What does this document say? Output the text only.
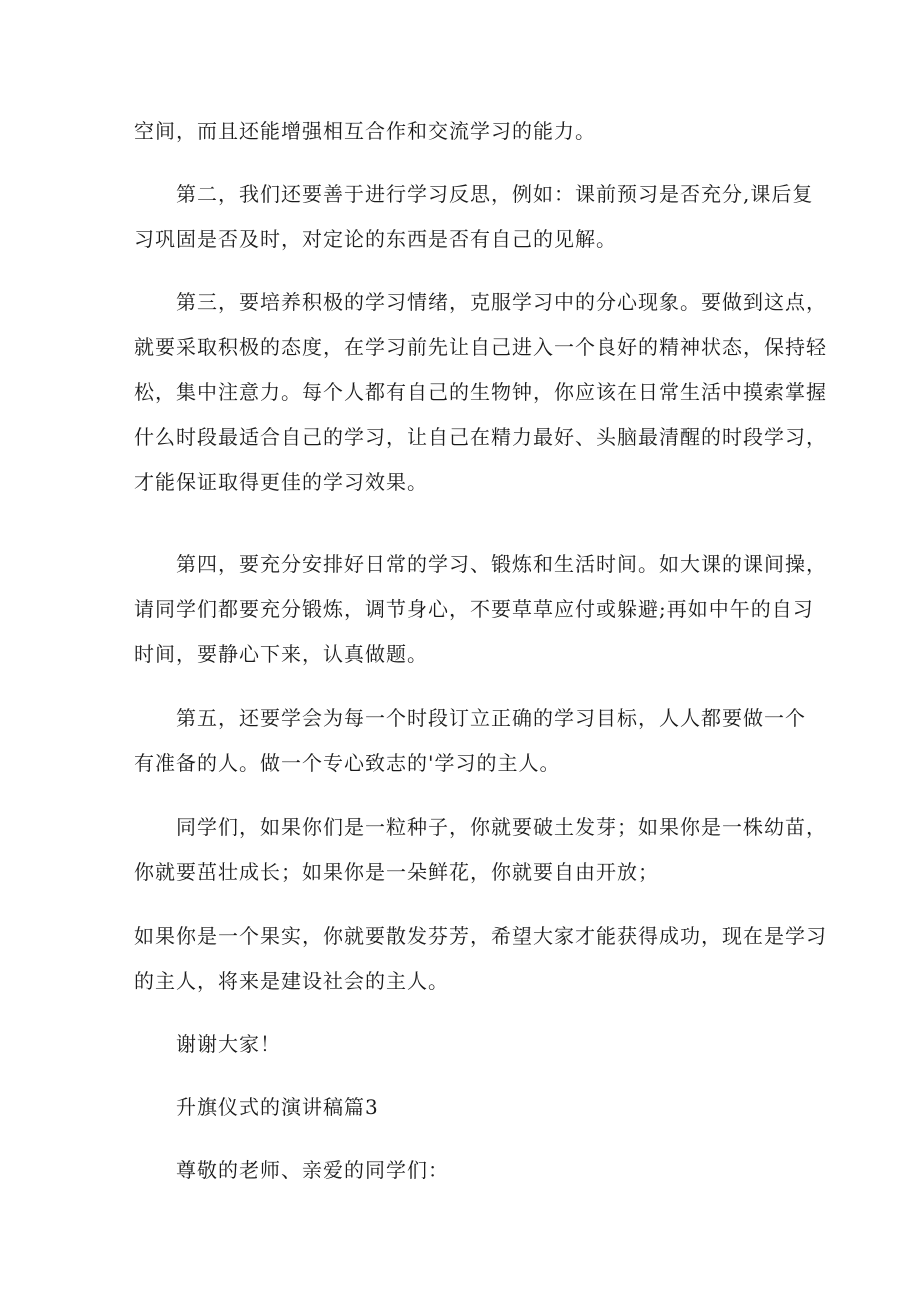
空间，而且还能增强相互合作和交流学习的能力。

第二，我们还要善于进行学习反思，例如：课前预习是否充分,课后复
习巩固是否及时，对定论的东西是否有自己的见解。

第三，要培养积极的学习情绪，克服学习中的分心现象。要做到这点，
就要采取积极的态度，在学习前先让自己进入一个良好的精神状态，保持轻
松，集中注意力。每个人都有自己的生物钟，你应该在日常生活中摸索掌握
什么时段最适合自己的学习，让自己在精力最好、头脑最清醒的时段学习，
才能保证取得更佳的学习效果。

第四，要充分安排好日常的学习、锻炼和生活时间。如大课的课间操，
请同学们都要充分锻炼，调节身心，不要草草应付或躲避;再如中午的自习
时间，要静心下来，认真做题。

第五，还要学会为每一个时段订立正确的学习目标，人人都要做一个
有准备的人。做一个专心致志的'学习的主人。

同学们，如果你们是一粒种子，你就要破土发芽；如果你是一株幼苗，
你就要茁壮成长；如果你是一朵鲜花，你就要自由开放；

如果你是一个果实，你就要散发芬芳，希望大家才能获得成功，现在是学习
的主人，将来是建设社会的主人。

谢谢大家！

升旗仪式的演讲稿篇3

尊敬的老师、亲爱的同学们：
